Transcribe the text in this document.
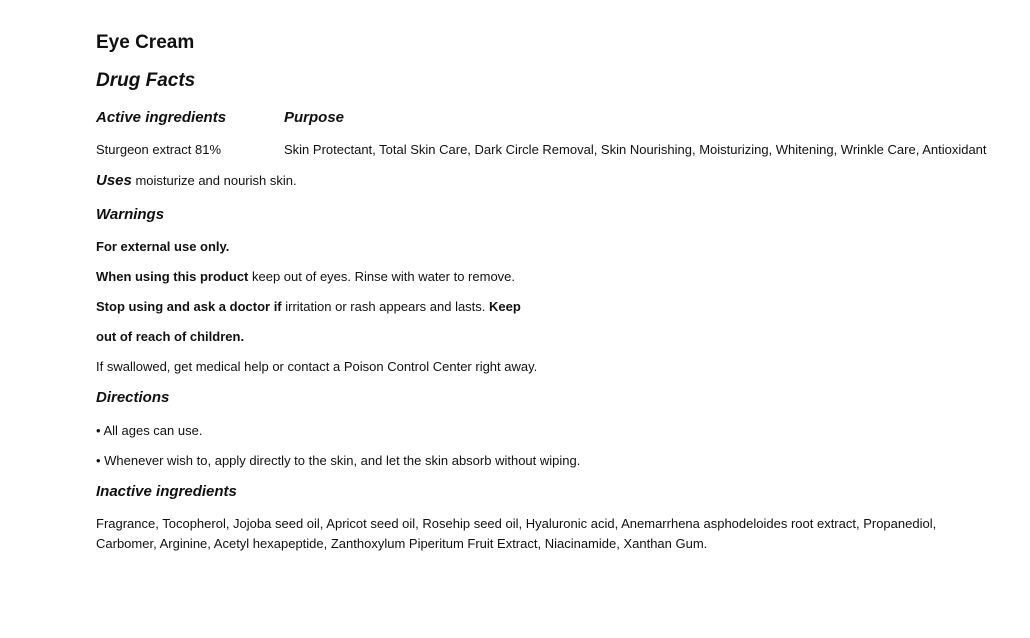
Eye Cream
Drug Facts
Active ingredients	Purpose
Sturgeon extract 81%	Skin Protectant, Total Skin Care, Dark Circle Removal, Skin Nourishing, Moisturizing, Whitening, Wrinkle Care, Antioxidant
Uses moisturize and nourish skin.
Warnings
For external use only.
When using this product keep out of eyes. Rinse with water to remove.
Stop using and ask a doctor if irritation or rash appears and lasts. Keep
out of reach of children.
If swallowed, get medical help or contact a Poison Control Center right away.
Directions
• All ages can use.
• Whenever wish to, apply directly to the skin, and let the skin absorb without wiping.
Inactive ingredients
Fragrance, Tocopherol, Jojoba seed oil, Apricot seed oil, Rosehip seed oil, Hyaluronic acid, Anemarrhena asphodeloides root extract, Propanediol, Carbomer, Arginine, Acetyl hexapeptide, Zanthoxylum Piperitum Fruit Extract, Niacinamide, Xanthan Gum.
